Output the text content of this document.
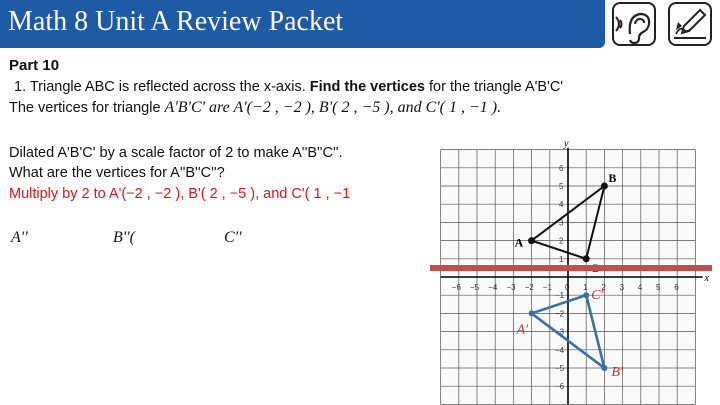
Math 8 Unit A Review Packet
Part 10
1. Triangle ABC is reflected across the x-axis. Find the vertices for the triangle A'B'C'
The vertices for triangle A'B'C' are A'(−2 , −2 ), B'( 2 , −5 ), and C'( 1 , −1 ).
Dilated A'B'C' by a scale factor of 2 to make A''B''C''.
What are the vertices for A''B''C''?
Multiply by 2 to A'(−2 , −2 ), B'( 2 , −5 ), and C'( 1 , −1
A''	B''(	C''
y
x
−6 −5 −4 −3 −2 −1 0 1 2 3 4 5 6
6
5
4
3
2
1
−1
−2
−3
−4
−5
−6
A
B
A'
B'
C'
